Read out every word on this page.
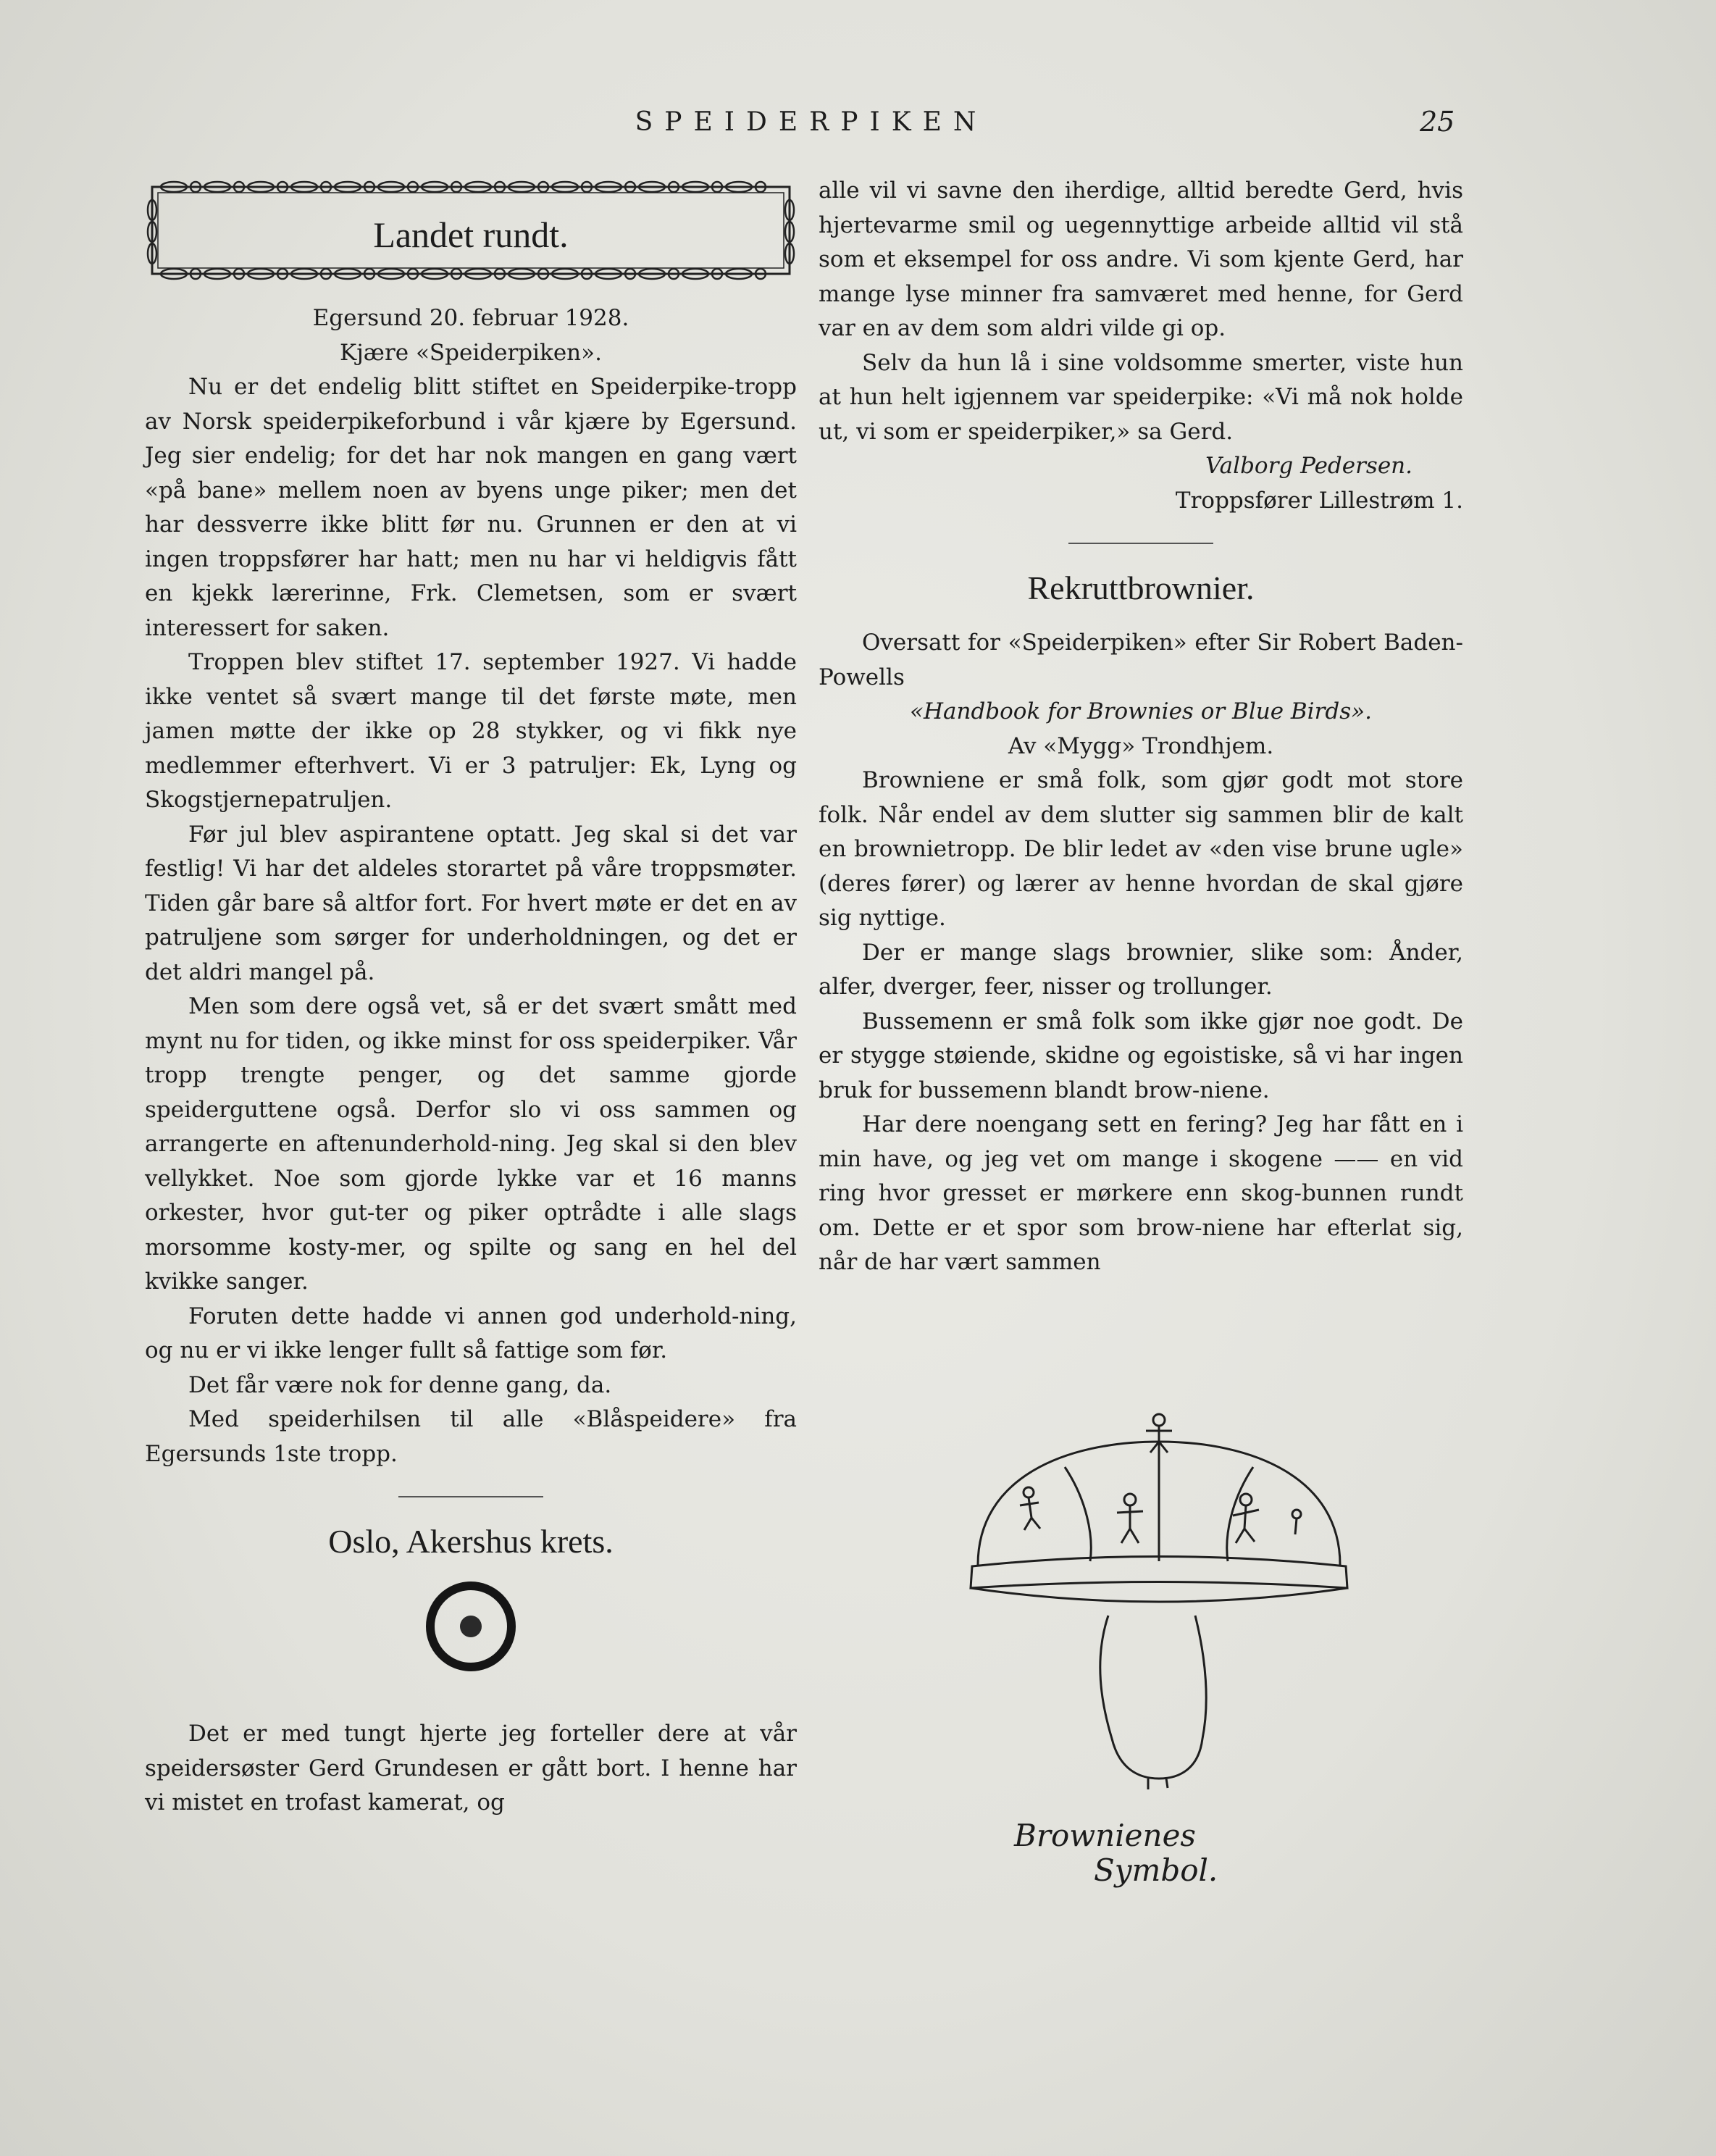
SPEIDERPIKEN	25
Landet rundt.

Egersund 20. februar 1928.

Kjære «Speiderpiken».

Nu er det endelig blitt stiftet en Speiderpike-tropp av Norsk speiderpikeforbund i vår kjære by Egersund. Jeg sier endelig; for det har nok mangen en gang vært «på bane» mellem noen av byens unge piker; men det har dessverre ikke blitt før nu. Grunnen er den at vi ingen troppsfører har hatt; men nu har vi heldigvis fått en kjekk lærerinne, Frk. Clemetsen, som er svært interessert for saken.

Troppen blev stiftet 17. september 1927. Vi hadde ikke ventet så svært mange til det første møte, men jamen møtte der ikke op 28 stykker, og vi fikk nye medlemmer efterhvert. Vi er 3 patruljer: Ek, Lyng og Skogstjernepatruljen.

Før jul blev aspirantene optatt. Jeg skal si det var festlig! Vi har det aldeles storartet på våre troppsmøter. Tiden går bare så altfor fort. For hvert møte er det en av patruljene som sørger for underholdningen, og det er det aldri mangel på.

Men som dere også vet, så er det svært smått med mynt nu for tiden, og ikke minst for oss speiderpiker. Vår tropp trengte penger, og det samme gjorde speiderguttene også. Derfor slo vi oss sammen og arrangerte en aftenunderhold-ning. Jeg skal si den blev vellykket. Noe som gjorde lykke var et 16 manns orkester, hvor gut-ter og piker optrådte i alle slags morsomme kosty-mer, og spilte og sang en hel del kvikke sanger.

Foruten dette hadde vi annen god underhold-ning, og nu er vi ikke lenger fullt så fattige som før.

Det får være nok for denne gang, da.

Med speiderhilsen til alle «Blåspeidere» fra Egersunds 1ste tropp.

Oslo, Akershus krets.

Det er med tungt hjerte jeg forteller dere at vår speidersøster Gerd Grundesen er gått bort. I henne har vi mistet en trofast kamerat, og

alle vil vi savne den iherdige, alltid beredte Gerd, hvis hjertevarme smil og uegennyttige arbeide alltid vil stå som et eksempel for oss andre. Vi som kjente Gerd, har mange lyse minner fra samværet med henne, for Gerd var en av dem som aldri vilde gi op.

Selv da hun lå i sine voldsomme smerter, viste hun at hun helt igjennem var speiderpike: «Vi må nok holde ut, vi som er speiderpiker,» sa Gerd.

Valborg Pedersen.

Troppsfører Lillestrøm 1.

Rekruttbrownier.

Oversatt for «Speiderpiken» efter Sir Robert Baden-Powells

«Handbook for Brownies or Blue Birds».

Av «Mygg» Trondhjem.

Browniene er små folk, som gjør godt mot store folk. Når endel av dem slutter sig sammen blir de kalt en brownietropp. De blir ledet av «den vise brune ugle» (deres fører) og lærer av henne hvordan de skal gjøre sig nyttige.

Der er mange slags brownier, slike som: Ånder, alfer, dverger, feer, nisser og trollunger.

Bussemenn er små folk som ikke gjør noe godt. De er stygge støiende, skidne og egoistiske, så vi har ingen bruk for bussemenn blandt brow-niene.

Har dere noengang sett en fering? Jeg har fått en i min have, og jeg vet om mange i skogene —— en vid ring hvor gresset er mørkere enn skog-bunnen rundt om. Dette er et spor som brow-niene har efterlat sig, når de har vært sammen

Brownienes
Symbol.
